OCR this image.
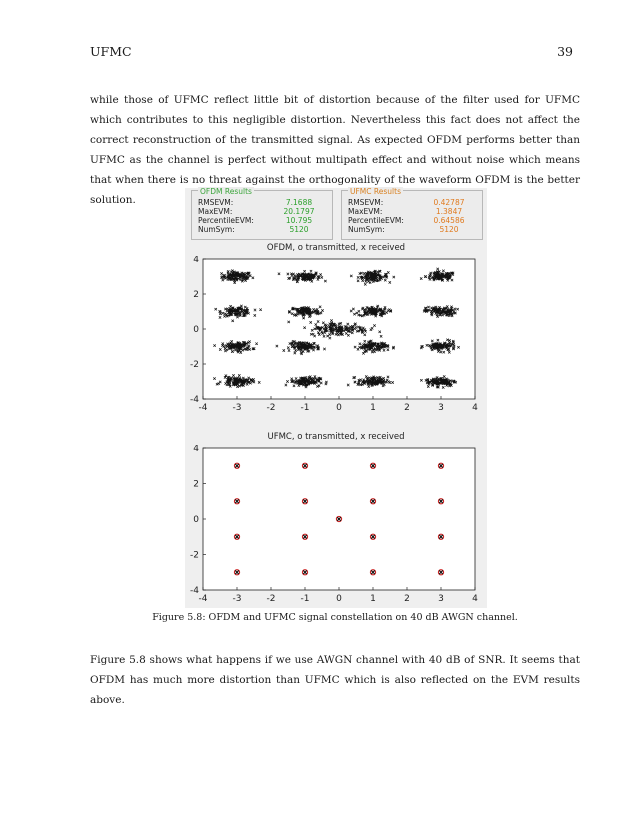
UFMC	39

while those of UFMC reflect little bit of distortion because of the filter used for UFMC which contributes to this negligible distortion. Nevertheless this fact does not affect the correct reconstruction of the transmitted signal. As expected OFDM performs better than UFMC as the channel is perfect without multipath effect and without noise which means that when there is no threat against the orthogonality of the waveform OFDM is the better solution.

OFDM Results
RMSEVM:	7.1688
MaxEVM:	20.1797
PercentileEVM:	10.795
NumSym:	5120
UFMC Results
RMSEVM:	0.42787
MaxEVM:	1.3847
PercentileEVM:	0.64586
NumSym:	5120
OFDM, o transmitted, x received
-4	-3	-2	-1	0	1	2	3	4
-4
-2
0
2
4
UFMC, o transmitted, x received
-4	-3	-2	-1	0	1	2	3	4
-4
-2
0
2
4
Figure 5.8: OFDM and UFMC signal constellation on 40 dB AWGN channel.

Figure 5.8 shows what happens if we use AWGN channel with 40 dB of SNR. It seems that OFDM has much more distortion than UFMC which is also reflected on the EVM results above.
